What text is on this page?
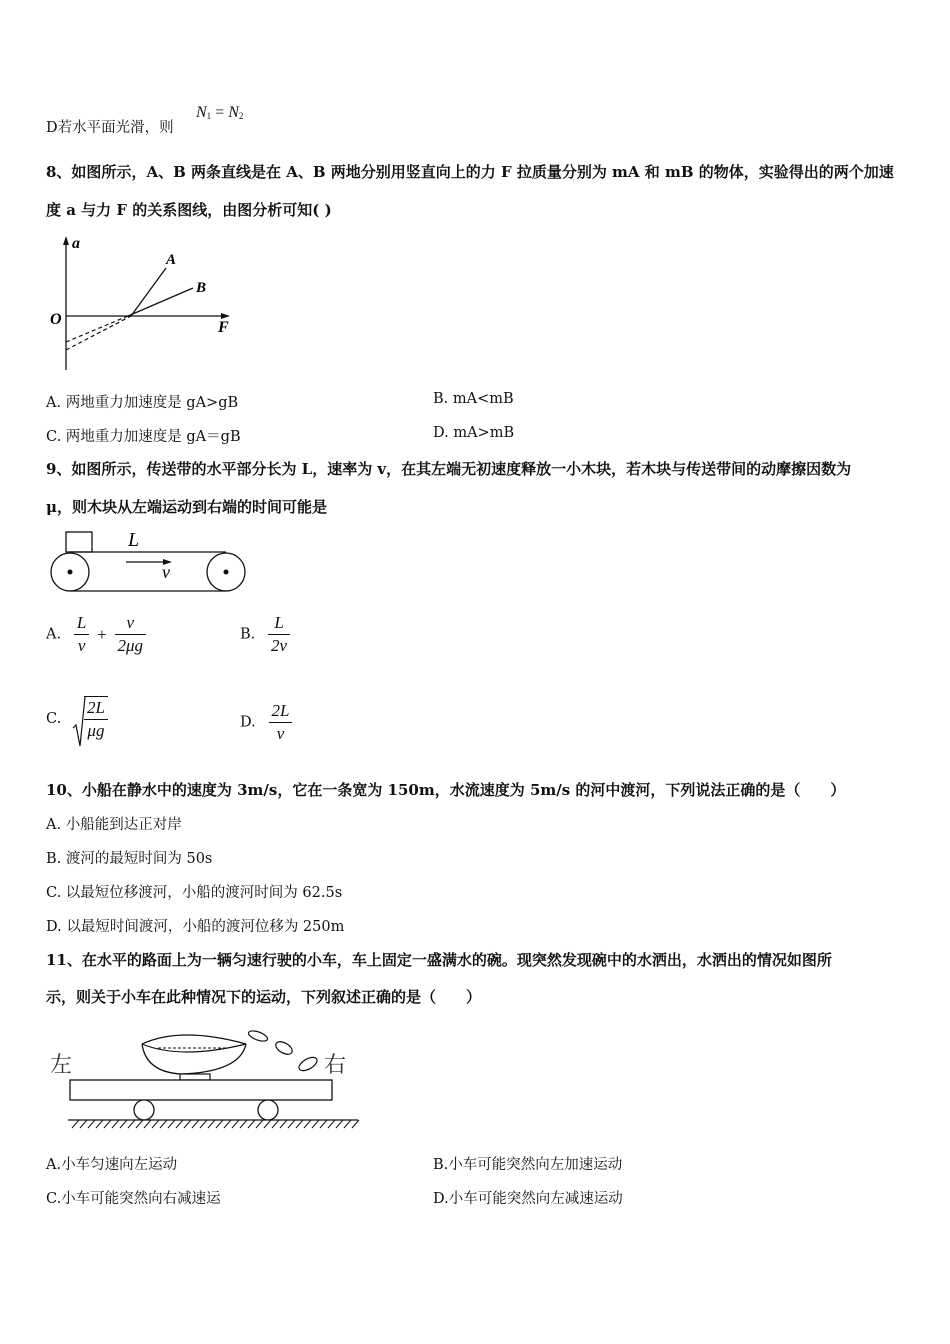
D若水平面光滑，则
$N_1 = N_2$
8、如图所示，A、B 两条直线是在 A、B 两地分别用竖直向上的力 F 拉质量分别为 mA 和 mB 的物体，实验得出的两个加速
度 a 与力 F 的关系图线，由图分析可知( )
a
F
O
A
B
A. 两地重力加速度是 gA>gB	B. mA<mB
C. 两地重力加速度是 gA＝gB	D. mA>mB
9、如图所示，传送带的水平部分长为 L，速率为 v，在其左端无初速度释放一小木块，若木块与传送带间的动摩擦因数为
μ，则木块从左端运动到右端的时间可能是
L
v
A. $\frac{L}{v} + \frac{v}{2\mu g}$	B. $\frac{L}{2v}$
C. $\frac{2L}{\mu g}$	D. $\frac{2L}{v}$
10、小船在静水中的速度为 3m/s，它在一条宽为 150m，水流速度为 5m/s 的河中渡河，下列说法正确的是（　　）
A. 小船能到达正对岸
B. 渡河的最短时间为 50s
C. 以最短位移渡河，小船的渡河时间为 62.5s
D. 以最短时间渡河，小船的渡河位移为 250m
11、在水平的路面上为一辆匀速行驶的小车，车上固定一盛满水的碗。现突然发现碗中的水洒出，水洒出的情况如图所
示，则关于小车在此种情况下的运动，下列叙述正确的是（　　）
左	右
A.小车匀速向左运动	B.小车可能突然向左加速运动
C.小车可能突然向右减速运	D.小车可能突然向左减速运动
